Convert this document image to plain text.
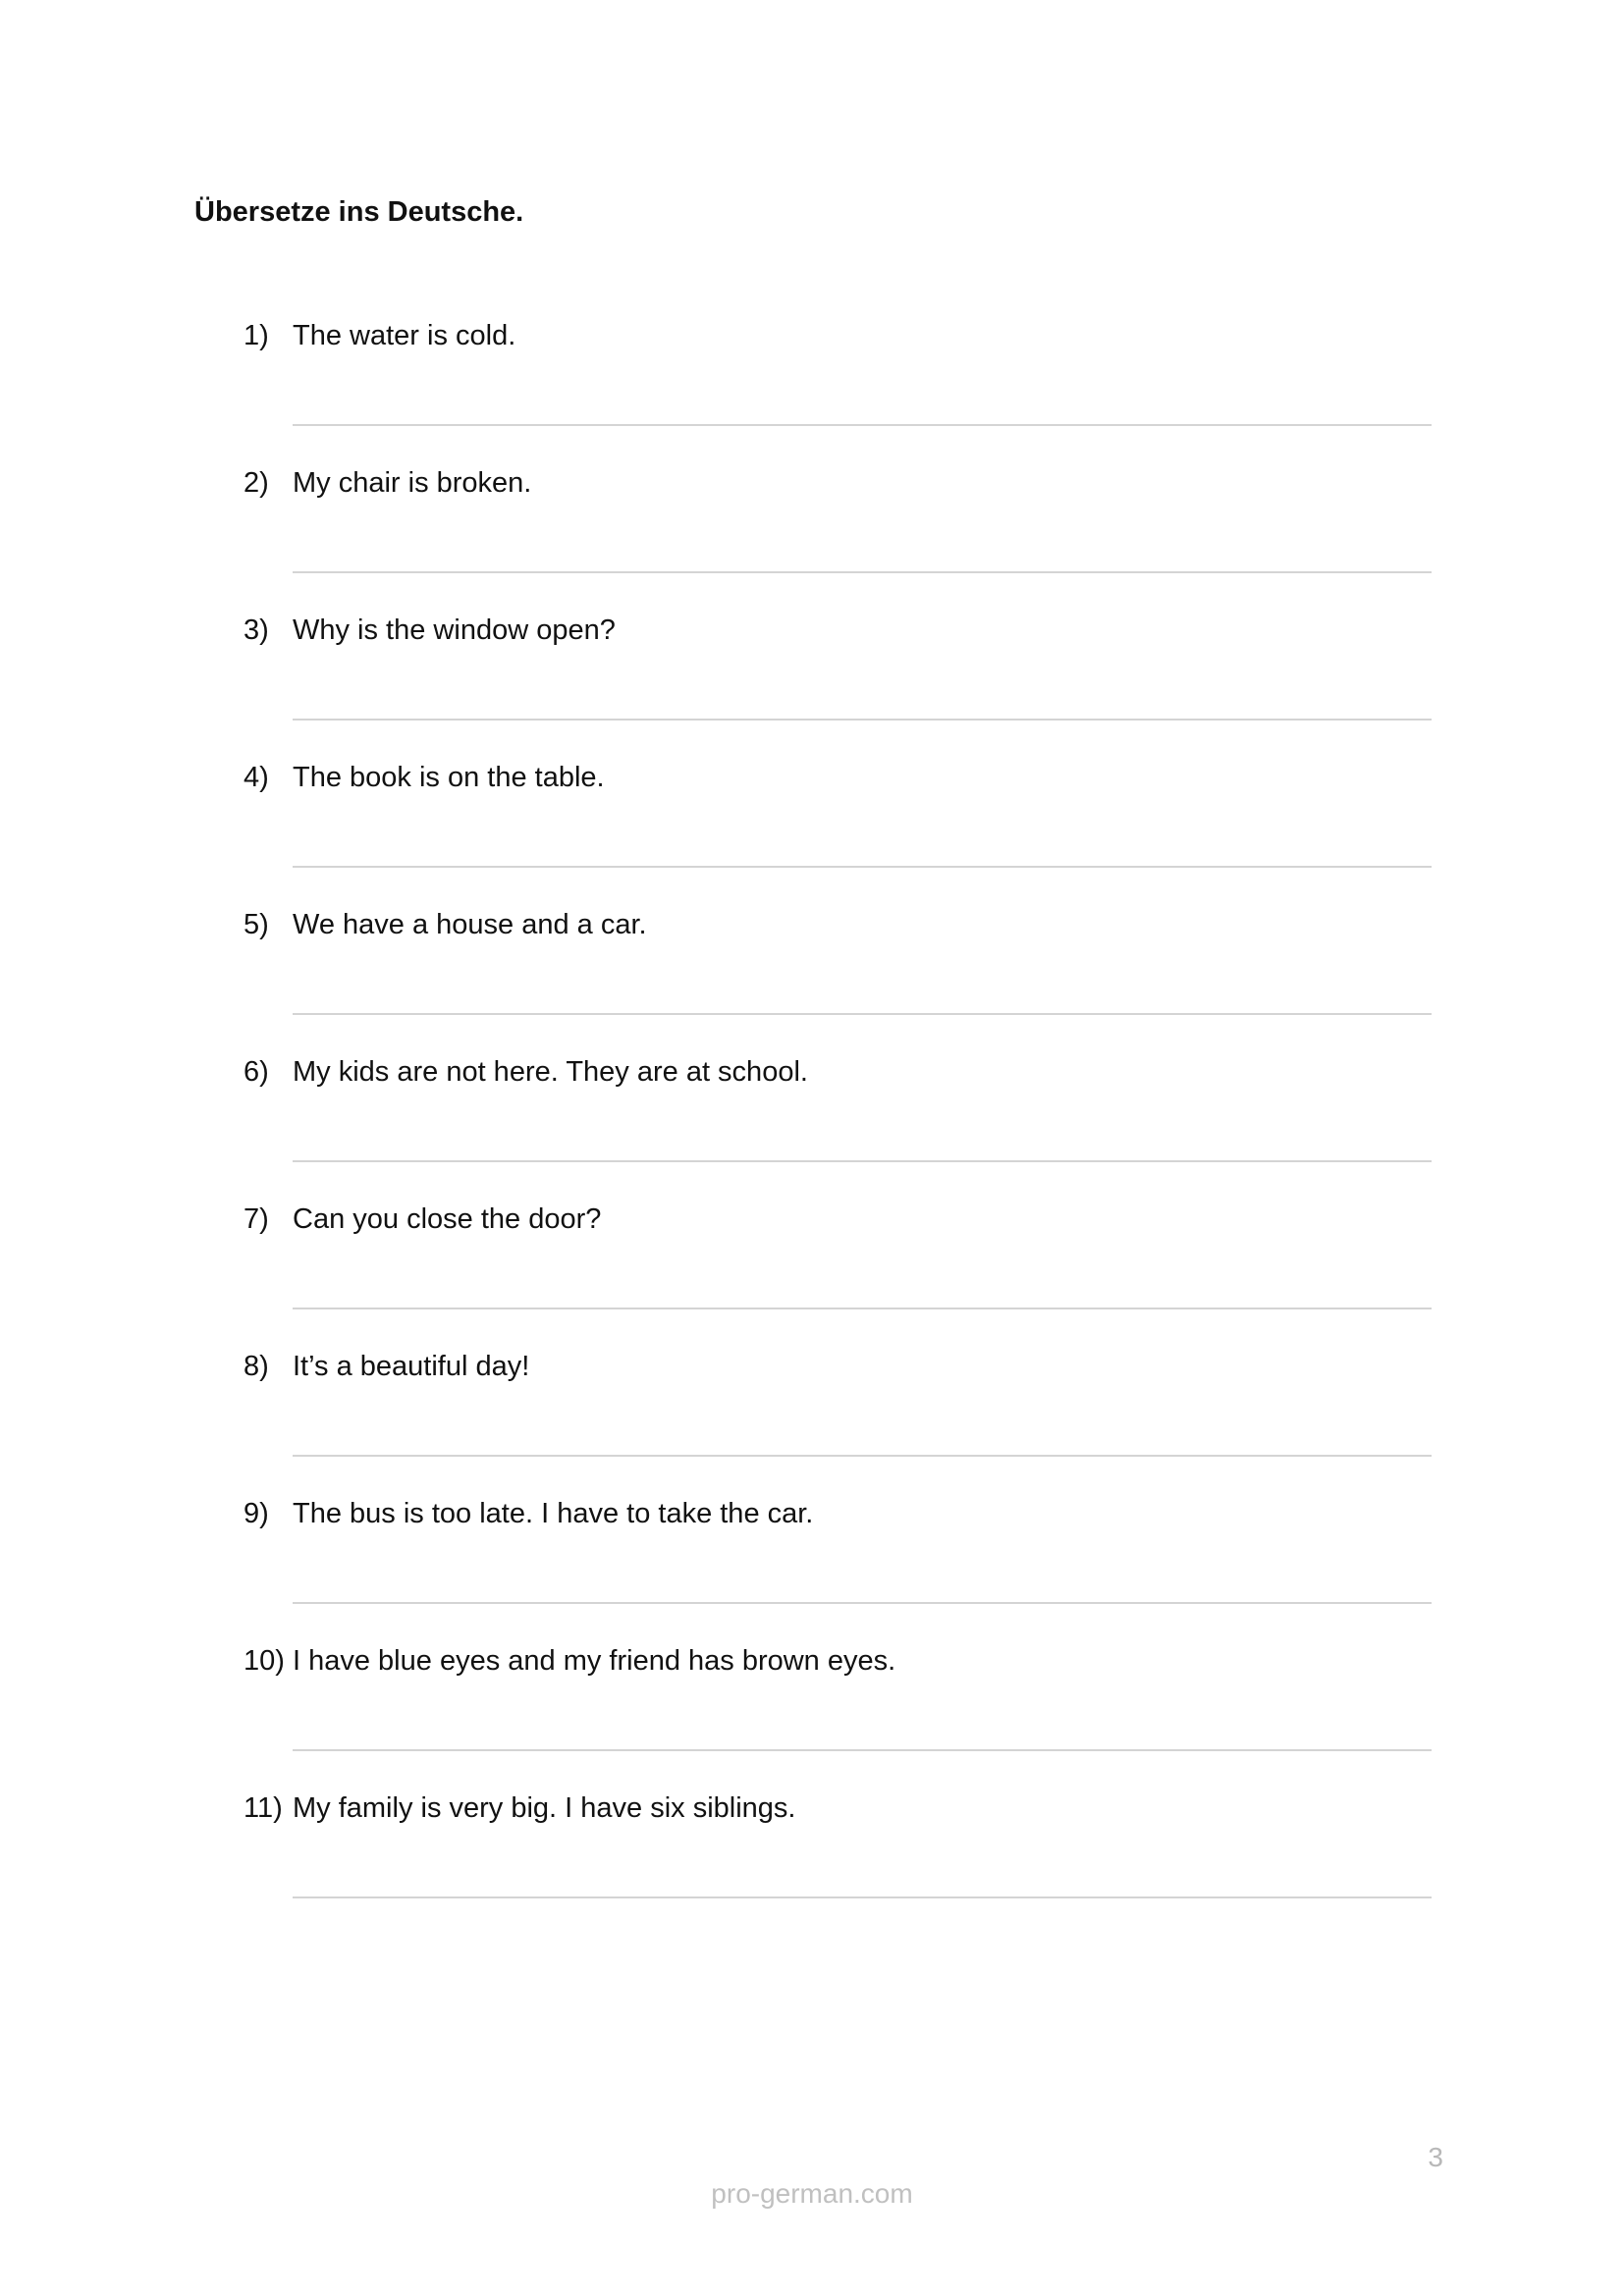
Übersetze ins Deutsche.
1) The water is cold.
2) My chair is broken.
3) Why is the window open?
4) The book is on the table.
5) We have a house and a car.
6) My kids are not here. They are at school.
7) Can you close the door?
8) It’s a beautiful day!
9) The bus is too late. I have to take the car.
10) I have blue eyes and my friend has brown eyes.
11) My family is very big. I have six siblings.
3
pro-german.com
